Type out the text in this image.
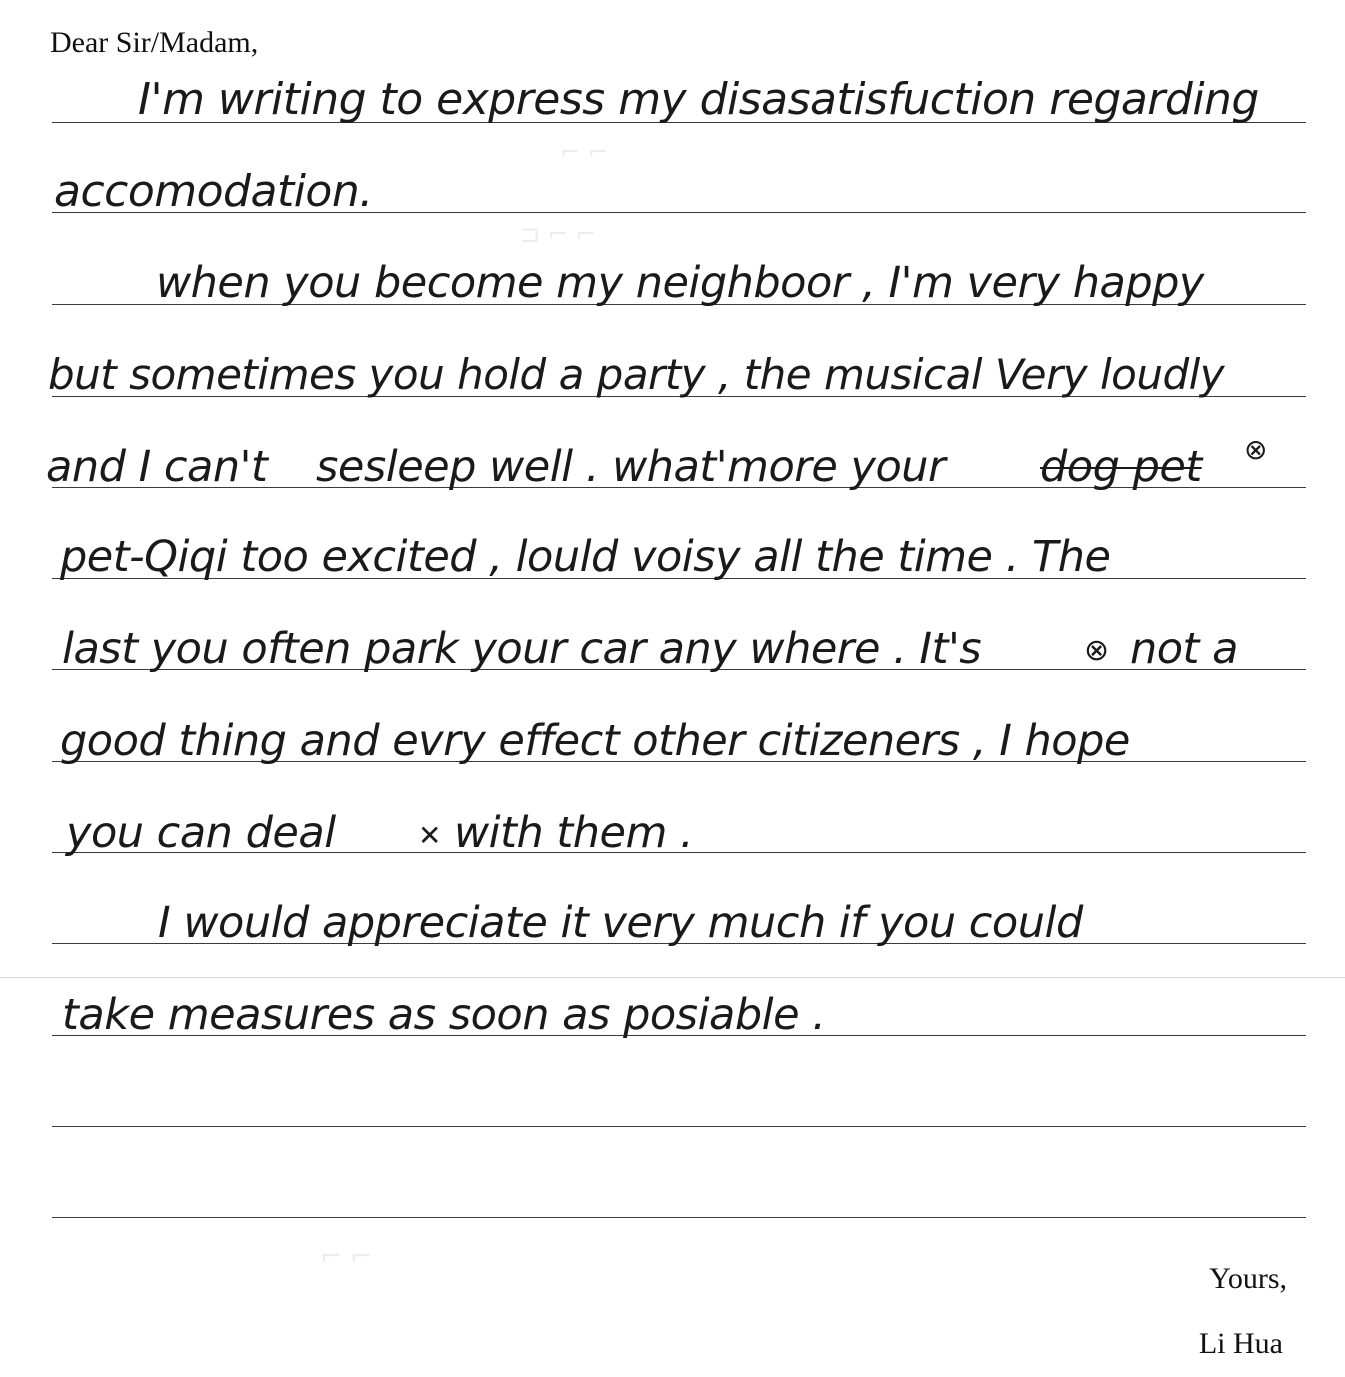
Dear Sir/Madam,
⌐ ⌐
⊐ ⌐ ⌐
⌐ ⌐
I'm writing to express my disasatisfuction regarding
accomodation.
when you become my neighboor , I'm very happy
but sometimes you hold a party , the musical Very loudly
and I can't sesleep well . what'more your dog pet ⊗
pet-Qiqi too excited , lould voisy all the time . The
last you often park your car any where . It's	⊗ not a
good thing and evry effect other citizeners , I hope
you can deal	✕ with them .
I would appreciate it very much if you could
take measures as soon as posiable .
Yours,
Li Hua
